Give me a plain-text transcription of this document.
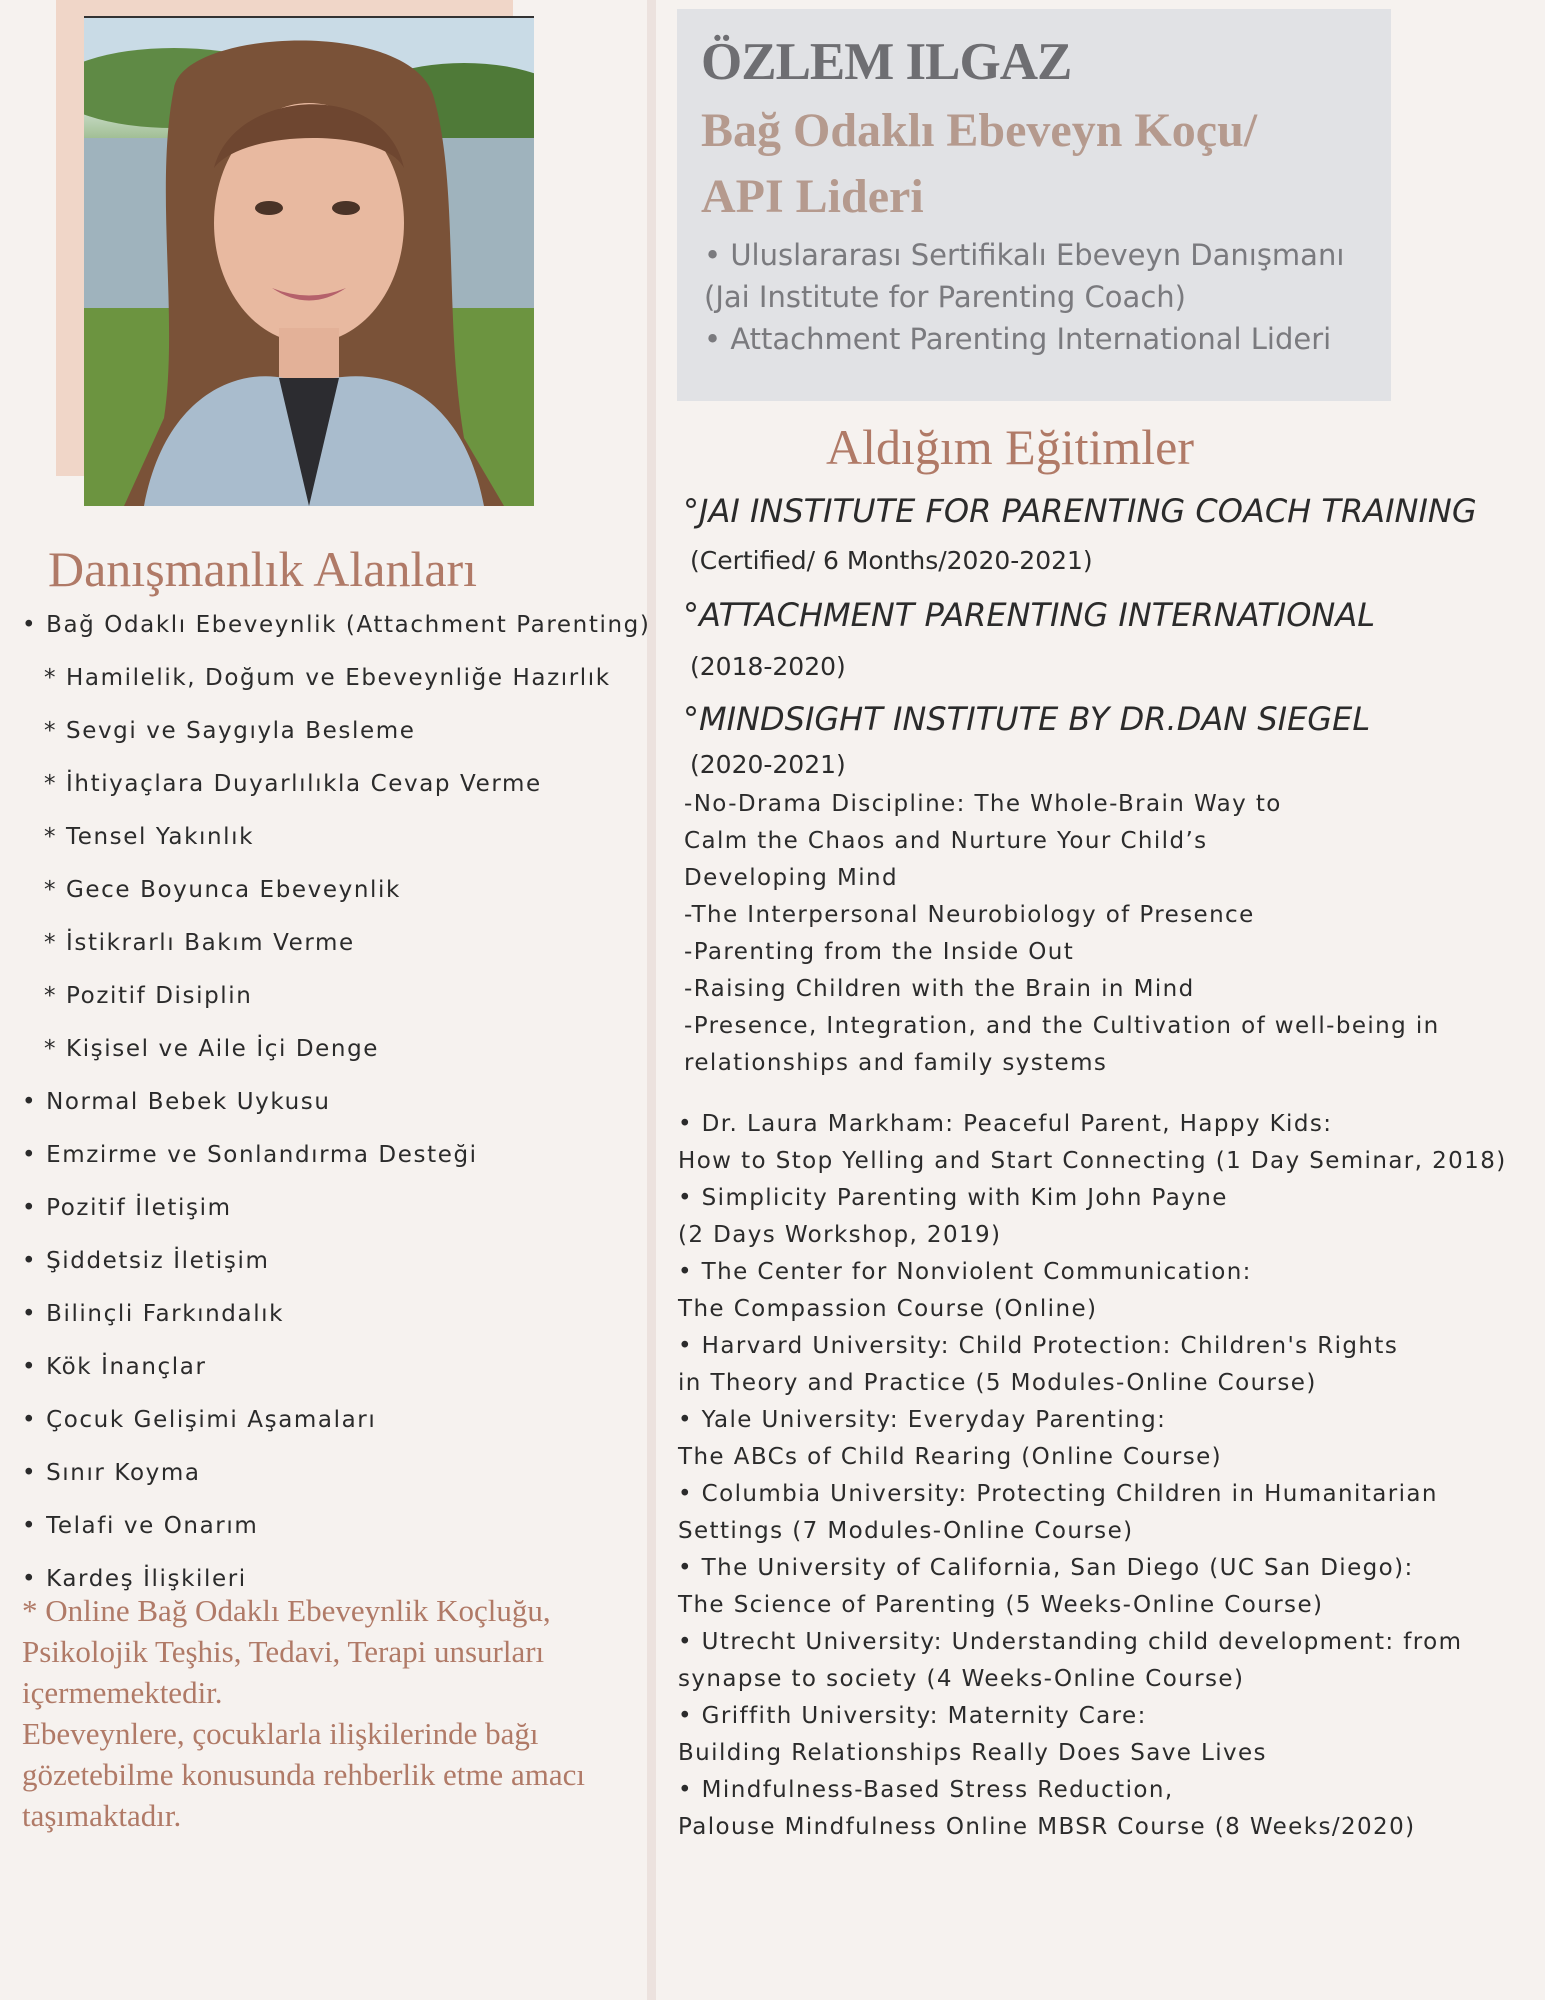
Danışmanlık Alanları
• Bağ Odaklı Ebeveynlik (Attachment Parenting)
* Hamilelik, Doğum ve Ebeveynliğe Hazırlık
* Sevgi ve Saygıyla Besleme
* İhtiyaçlara Duyarlılıkla Cevap Verme
* Tensel Yakınlık
* Gece Boyunca Ebeveynlik
* İstikrarlı Bakım Verme
* Pozitif Disiplin
* Kişisel ve Aile İçi Denge
• Normal Bebek Uykusu
• Emzirme ve Sonlandırma Desteği
• Pozitif İletişim
• Şiddetsiz İletişim
• Bilinçli Farkındalık
• Kök İnançlar
• Çocuk Gelişimi Aşamaları
• Sınır Koyma
• Telafi ve Onarım
• Kardeş İlişkileri

* Online Bağ Odaklı Ebeveynlik Koçluğu, Psikolojik Teşhis, Tedavi, Terapi unsurları içermemektedir.

Ebeveynlere, çocuklarla ilişkilerinde bağı gözetebilme konusunda rehberlik etme amacı taşımaktadır.

ÖZLEM ILGAZ
Bağ Odaklı Ebeveyn Koçu/
API Lideri
• Uluslararası Sertifikalı Ebeveyn Danışmanı
(Jai Institute for Parenting Coach)
• Attachment Parenting International Lideri
Aldığım Eğitimler

°JAI INSTITUTE FOR PARENTING COACH TRAINING

(Certified/ 6 Months/2020-2021)

°ATTACHMENT PARENTING INTERNATIONAL

(2018-2020)

°MINDSIGHT INSTITUTE BY DR.DAN SIEGEL

(2020-2021)

-No-Drama Discipline: The Whole-Brain Way to
Calm the Chaos and Nurture Your Child’s
Developing Mind
-The Interpersonal Neurobiology of Presence
-Parenting from the Inside Out
-Raising Children with the Brain in Mind
-Presence, Integration, and the Cultivation of well-being in
relationships and family systems
• Dr. Laura Markham: Peaceful Parent, Happy Kids:
How to Stop Yelling and Start Connecting (1 Day Seminar, 2018)
• Simplicity Parenting with Kim John Payne
(2 Days Workshop, 2019)
• The Center for Nonviolent Communication:
The Compassion Course (Online)
• Harvard University: Child Protection: Children's Rights
in Theory and Practice (5 Modules-Online Course)
• Yale University: Everyday Parenting:
The ABCs of Child Rearing (Online Course)
• Columbia University: Protecting Children in Humanitarian
Settings (7 Modules-Online Course)
• The University of California, San Diego (UC San Diego):
The Science of Parenting (5 Weeks-Online Course)
• Utrecht University: Understanding child development: from
synapse to society (4 Weeks-Online Course)
• Griffith University: Maternity Care:
Building Relationships Really Does Save Lives
• Mindfulness-Based Stress Reduction,
Palouse Mindfulness Online MBSR Course (8 Weeks/2020)
